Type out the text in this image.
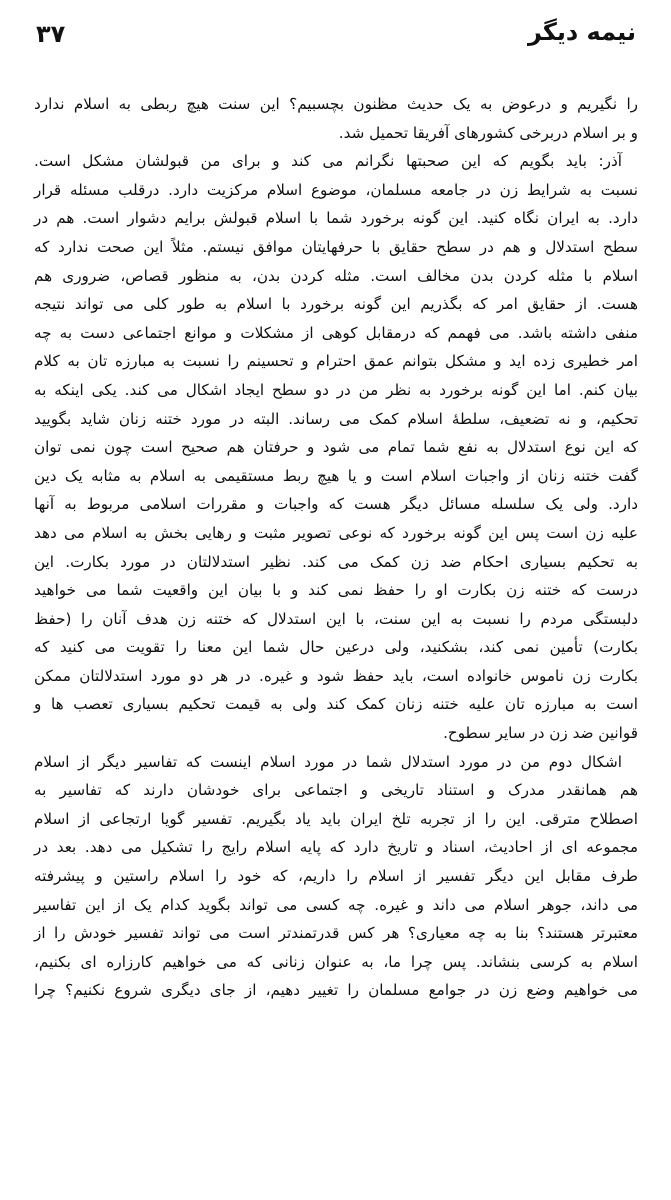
۳۷	نیمه دیگر
را نگیریم و درعوض به یک حدیث مظنون بچسبیم؟ این سنت هیچ ربطی به اسلام ندارد
و بر اسلام دربرخی کشورهای آفریقا تحمیل شد.
آذر: باید بگویم که این صحبتها نگرانم می کند و برای من قبولشان مشکل است.
نسبت به شرایط زن در جامعه مسلمان، موضوع اسلام مرکزیت دارد. درقلب مسئله قرار
دارد. به ایران نگاه کنید. این گونه برخورد شما با اسلام قبولش برایم دشوار است. هم در
سطح استدلال و هم در سطح حقایق با حرفهایتان موافق نیستم. مثلاً این صحت ندارد که
اسلام با مثله کردن بدن مخالف است. مثله کردن بدن، به منظور قصاص، ضروری هم
هست. از حقایق امر که بگذریم این گونه برخورد با اسلام به طور کلی می تواند نتیجه
منفی داشته باشد. می فهمم که درمقابل کوهی از مشکلات و موانع اجتماعی دست به چه
امر خطیری زده اید و مشکل بتوانم عمق احترام و تحسینم را نسبت به مبارزه تان به کلام
بیان کنم. اما این گونه برخورد به نظر من در دو سطح ایجاد اشکال می کند. یکی اینکه به
تحکیم، و نه تضعیف، سلطهٔ اسلام کمک می رساند. البته در مورد ختنه زنان شاید بگویید
که این نوع استدلال به نفع شما تمام می شود و حرفتان هم صحیح است چون نمی توان
گفت ختنه زنان از واجبات اسلام است و یا هیچ ربط مستقیمی به اسلام به مثابه یک دین
دارد. ولی یک سلسله مسائل دیگر هست که واجبات و مقررات اسلامی مربوط به آنها
علیه زن است پس این گونه برخورد که نوعی تصویر مثبت و رهایی بخش به اسلام می دهد
به تحکیم بسیاری احکام ضد زن کمک می کند. نظیر استدلالتان در مورد بکارت. این
درست که ختنه زن بکارت او را حفظ نمی کند و با بیان این واقعیت شما می خواهید
دلبستگی مردم را نسبت به این سنت، با این استدلال که ختنه زن هدف آنان را (حفظ
بکارت) تأمین نمی کند، بشکنید، ولی درعین حال شما این معنا را تقویت می کنید که
بکارت زن ناموس خانواده است، باید حفظ شود و غیره. در هر دو مورد استدلالتان ممکن
است به مبارزه تان علیه ختنه زنان کمک کند ولی به قیمت تحکیم بسیاری تعصب ها و
قوانین ضد زن در سایر سطوح.
اشکال دوم من در مورد استدلال شما در مورد اسلام اینست که تفاسیر دیگر از اسلام
هم همانقدر مدرک و استناد تاریخی و اجتماعی برای خودشان دارند که تفاسیر به
اصطلاح مترقی. این را از تجربه تلخ ایران باید یاد بگیریم. تفسیر گویا ارتجاعی از اسلام
مجموعه ای از احادیث، اسناد و تاریخ دارد که پایه اسلام رایج را تشکیل می دهد. بعد در
طرف مقابل این دیگر تفسیر از اسلام را داریم، که خود را اسلام راستین و پیشرفته
می داند، جوهر اسلام می داند و غیره. چه کسی می تواند بگوید کدام یک از این تفاسیر
معتبرتر هستند؟ بنا به چه معیاری؟ هر کس قدرتمندتر است می تواند تفسیر خودش را از
اسلام به کرسی بنشاند. پس چرا ما، به عنوان زنانی که می خواهیم کارزاره ای بکنیم،
می خواهیم وضع زن در جوامع مسلمان را تغییر دهیم، از جای دیگری شروع نکنیم؟ چرا
